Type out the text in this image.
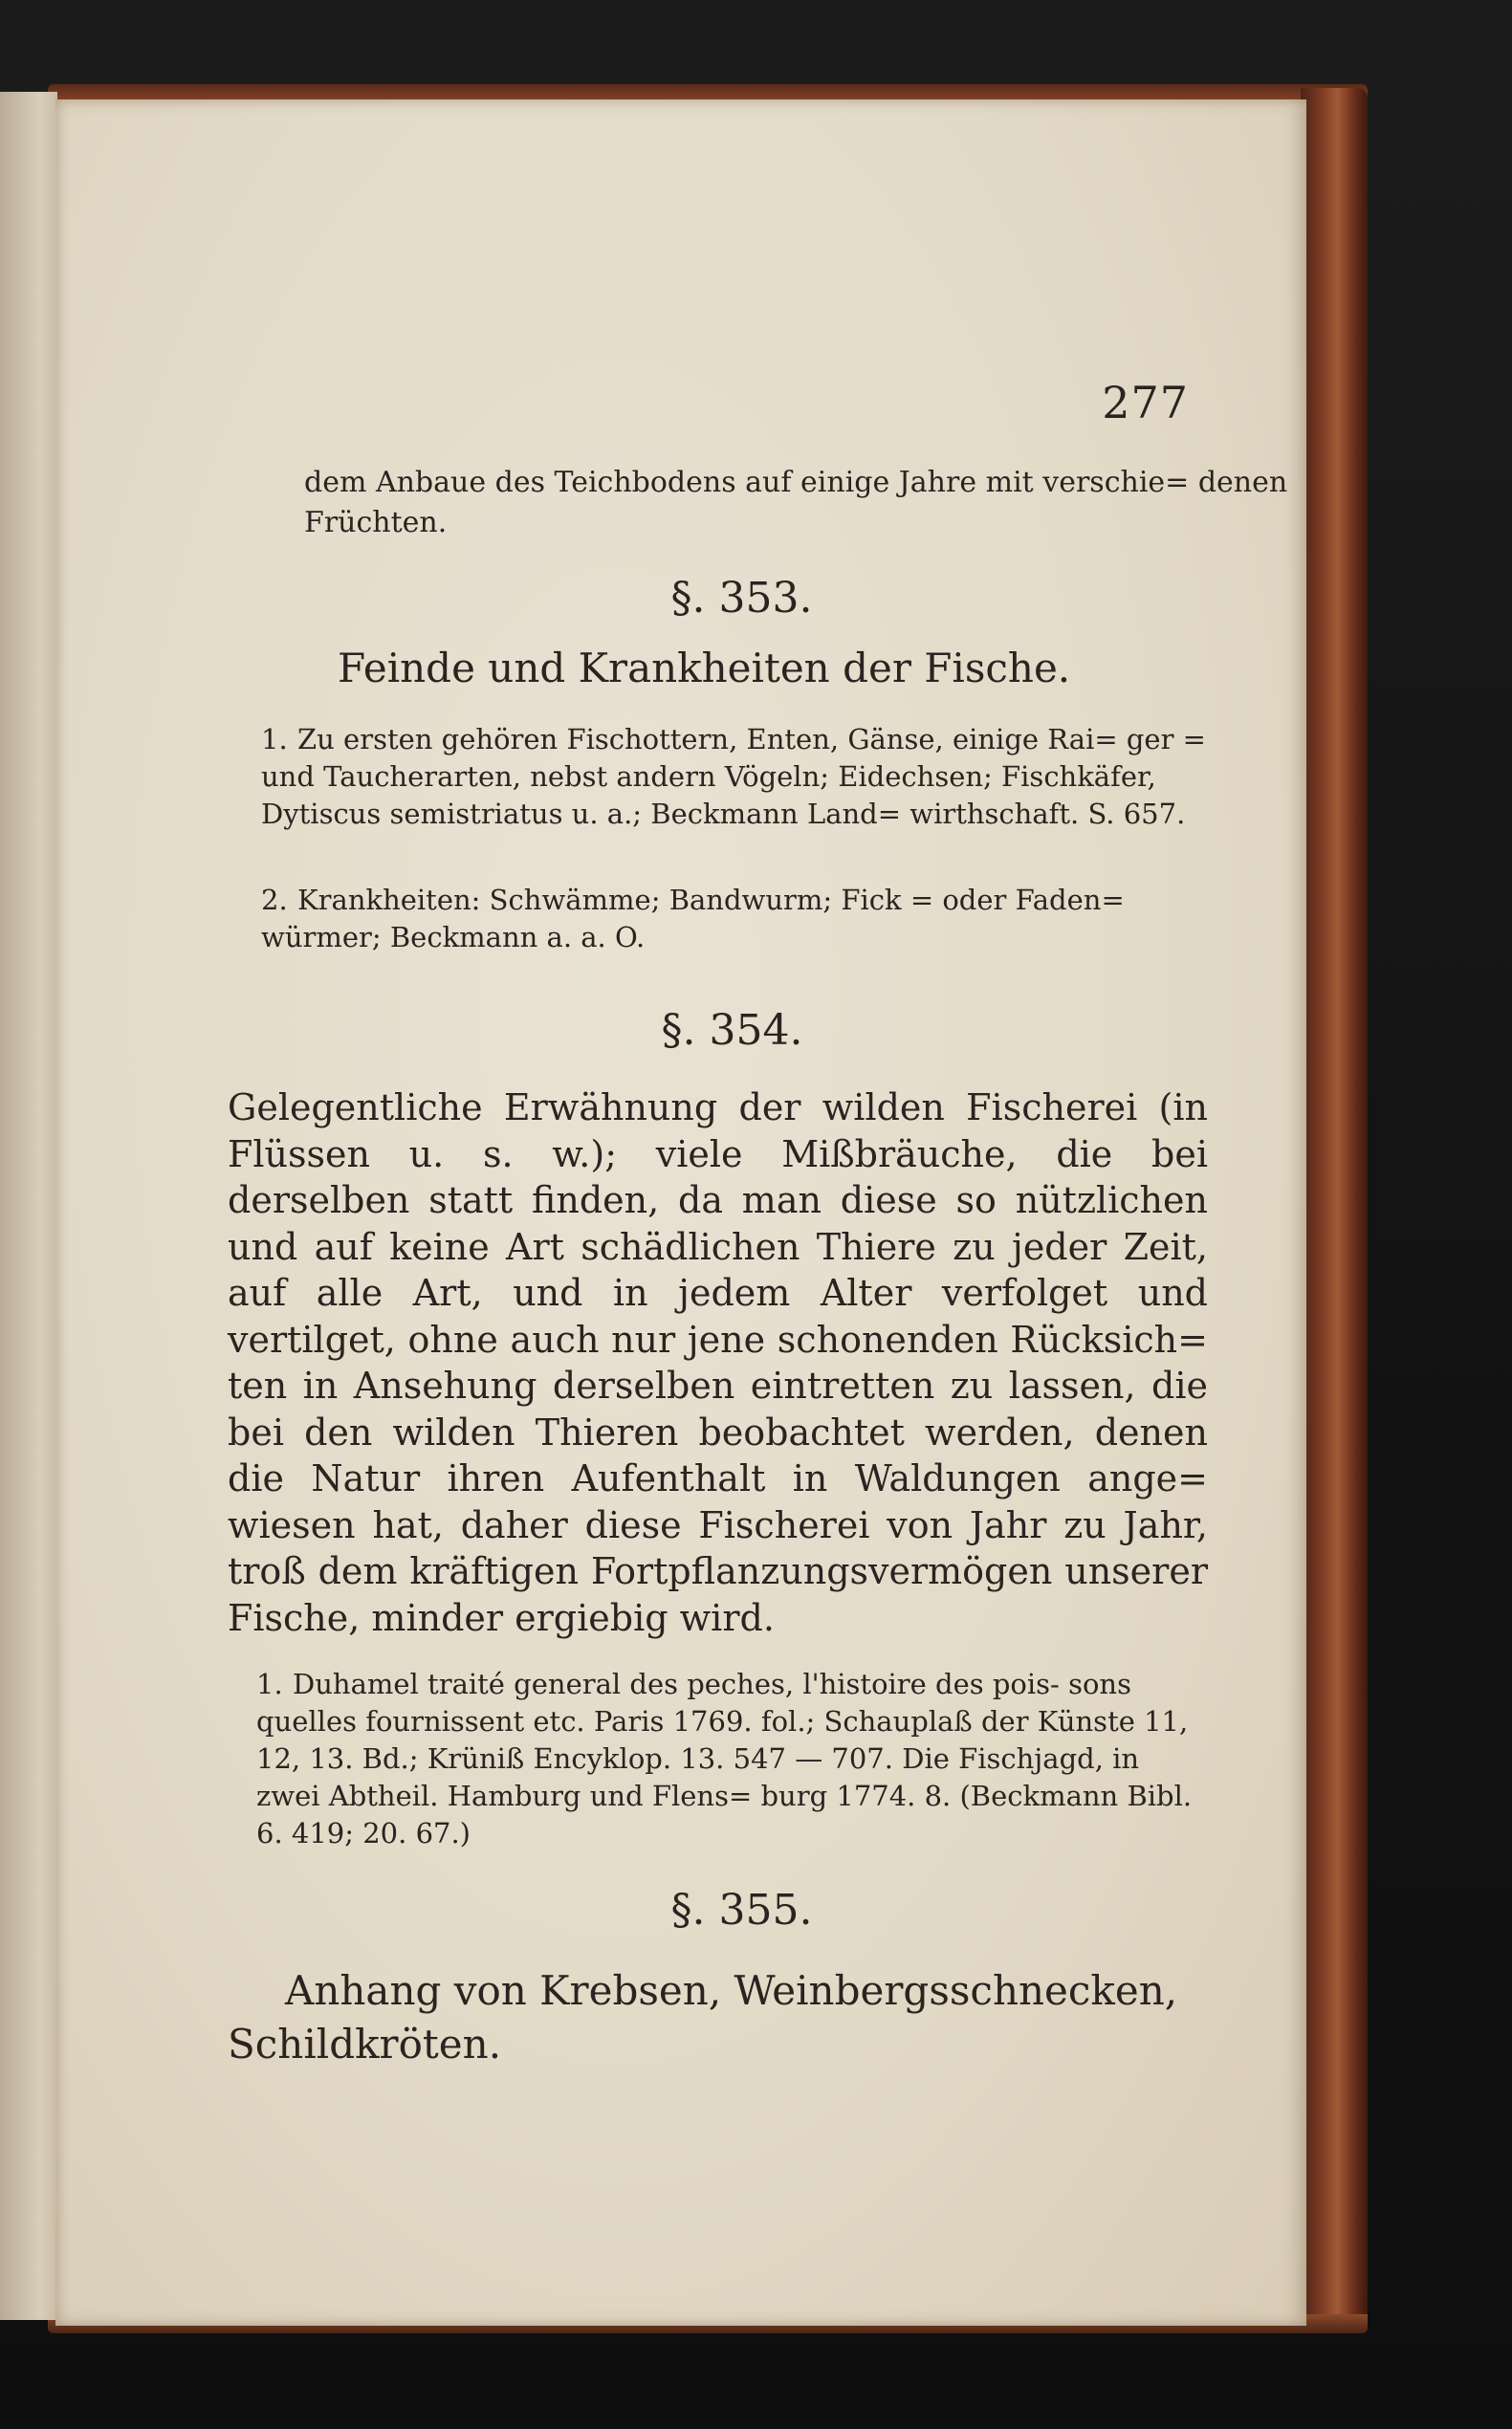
277

dem Anbaue des Teichbodens auf einige Jahre mit verschie= denen Früchten.

§. 353.

Feinde und Krankheiten der Fische.

1. Zu ersten gehören Fischottern, Enten, Gänse, einige Rai= ger = und Taucherarten, nebst andern Vögeln; Eidechsen; Fischkäfer, Dytiscus semistriatus u. a.; Beckmann Land= wirthschaft. S. 657.

2. Krankheiten: Schwämme; Bandwurm; Fick = oder Faden= würmer; Beckmann a. a. O.

§. 354.

Gelegentliche Erwähnung der wilden Fischerei (in Flüssen u. s. w.); viele Mißbräuche, die bei derselben statt finden, da man diese so nützlichen und auf keine Art schädlichen Thiere zu jeder Zeit, auf alle Art, und in jedem Alter verfolget und vertilget, ohne auch nur jene schonenden Rücksich= ten in Ansehung derselben eintretten zu lassen, die bei den wilden Thieren beobachtet werden, denen die Natur ihren Aufenthalt in Waldungen ange= wiesen hat, daher diese Fischerei von Jahr zu Jahr, troß dem kräftigen Fortpflanzungsvermögen unserer Fische, minder ergiebig wird.

1. Duhamel traité general des peches, l'histoire des pois- sons quelles fournissent etc. Paris 1769. fol.; Schauplaß der Künste 11, 12, 13. Bd.; Krüniß Encyklop. 13. 547 — 707. Die Fischjagd, in zwei Abtheil. Hamburg und Flens= burg 1774. 8. (Beckmann Bibl. 6. 419; 20. 67.)

§. 355.

Anhang von Krebsen, Weinbergsschnecken, Schildkröten.
